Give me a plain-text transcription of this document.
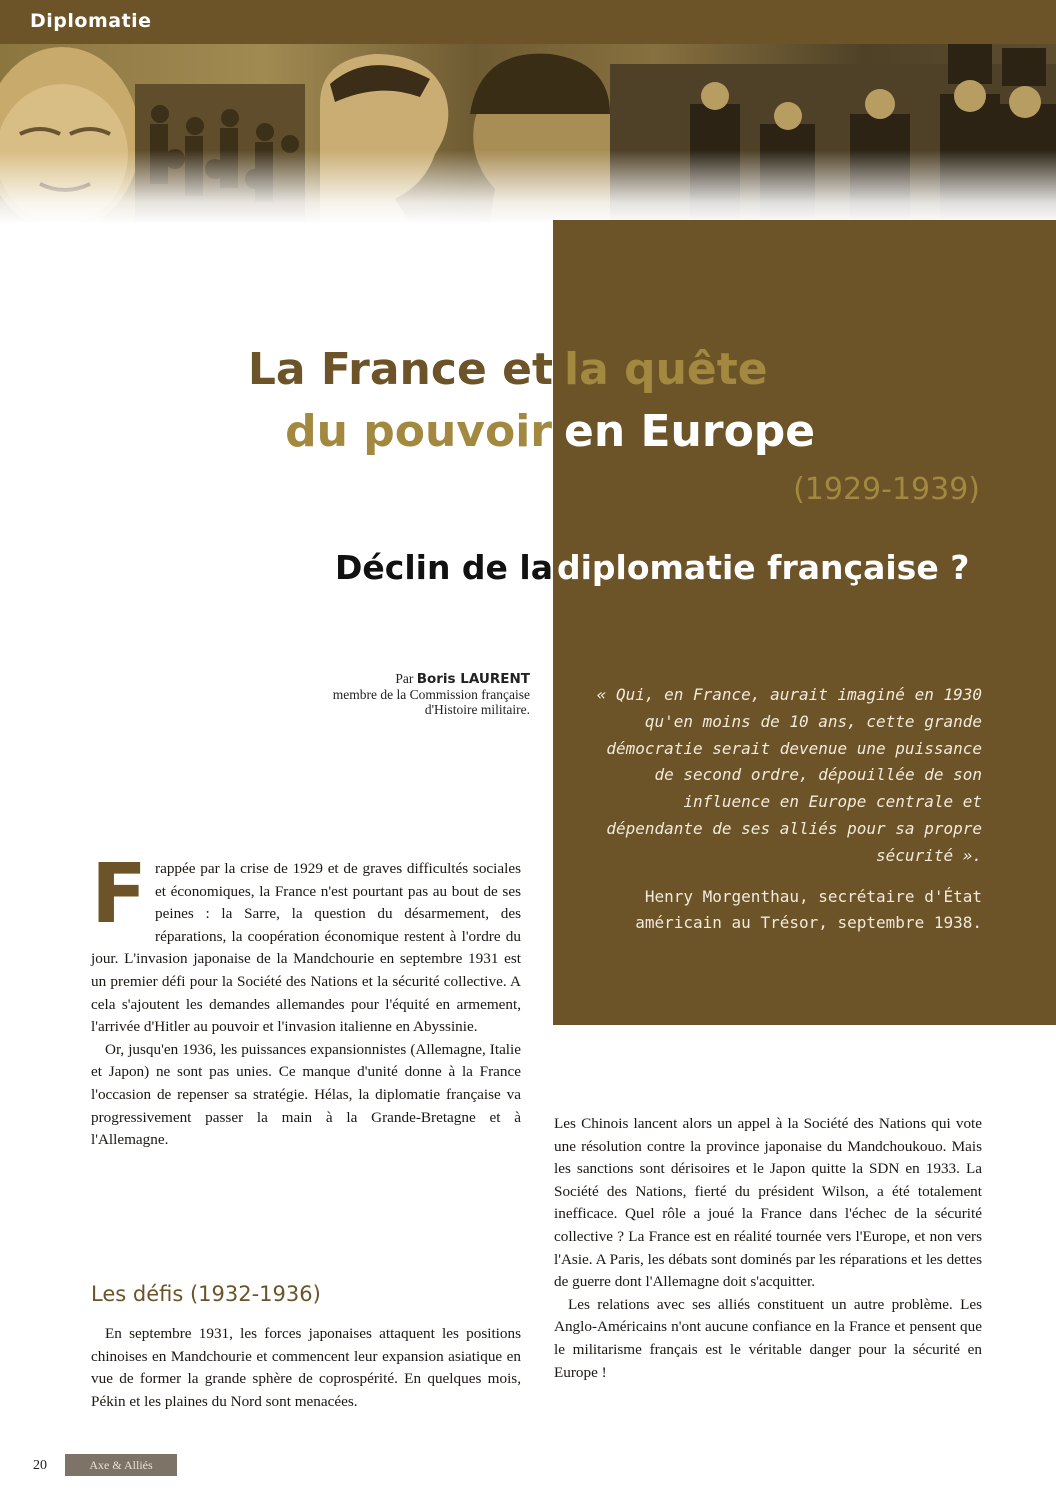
Diplomatie
La France et la quête
du pouvoir en Europe
(1929-1939)
Déclin de la diplomatie française ?
Par Boris LAURENT
membre de la Commission française
d'Histoire militaire.
« Qui, en France, aurait imaginé en 1930 qu'en moins de 10 ans, cette grande démocratie serait devenue une puissance de second ordre, dépouillée de son influence en Europe centrale et dépendante de ses alliés pour sa propre sécurité ».
Henry Morgenthau, secrétaire d'État américain au Trésor, septembre 1938.
F rappée par la crise de 1929 et de graves difficultés sociales et économiques, la France n'est pourtant pas au bout de ses peines : la Sarre, la question du désarmement, des réparations, la coopération économique restent à l'ordre du jour. L'invasion japonaise de la Mandchourie en septembre 1931 est un premier défi pour la Société des Nations et la sécurité collective. A cela s'ajoutent les demandes allemandes pour l'équité en armement, l'arrivée d'Hitler au pouvoir et l'invasion italienne en Abyssinie.

Or, jusqu'en 1936, les puissances expansionnistes (Allemagne, Italie et Japon) ne sont pas unies. Ce manque d'unité donne à la France l'occasion de repenser sa stratégie. Hélas, la diplomatie française va progressivement passer la main à la Grande-Bretagne et à l'Allemagne.

Les défis (1932-1936)

En septembre 1931, les forces japonaises attaquent les positions chinoises en Mandchourie et commencent leur expansion asiatique en vue de former la grande sphère de coprospérité. En quelques mois, Pékin et les plaines du Nord sont menacées.

Les Chinois lancent alors un appel à la Société des Nations qui vote une résolution contre la province japonaise du Mandchoukouo. Mais les sanctions sont dérisoires et le Japon quitte la SDN en 1933. La Société des Nations, fierté du président Wilson, a été totalement inefficace. Quel rôle a joué la France dans l'échec de la sécurité collective ? La France est en réalité tournée vers l'Europe, et non vers l'Asie. A Paris, les débats sont dominés par les réparations et les dettes de guerre dont l'Allemagne doit s'acquitter.

Les relations avec ses alliés constituent un autre problème. Les Anglo-Américains n'ont aucune confiance en la France et pensent que le militarisme français est le véritable danger pour la sécurité en Europe !

20	Axe & Alliés
